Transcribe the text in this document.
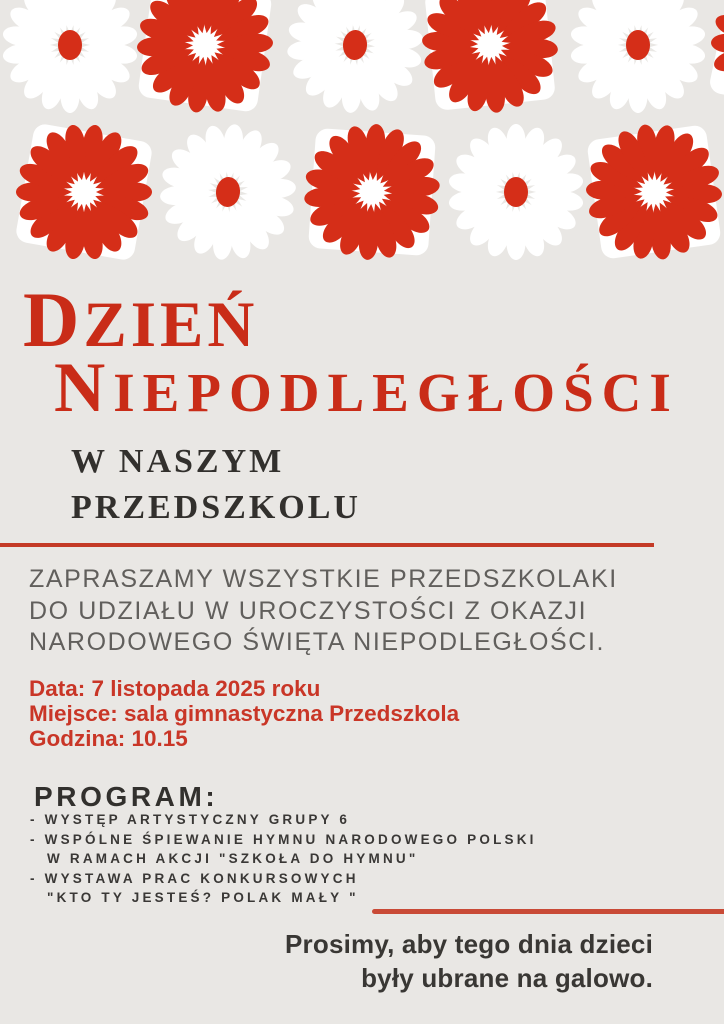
DZIEŃ
NIEPODLEGŁOŚCI
W NASZYM
PRZEDSZKOLU
ZAPRASZAMY WSZYSTKIE PRZEDSZKOLAKI
DO UDZIAŁU W UROCZYSTOŚCI Z OKAZJI
NARODOWEGO ŚWIĘTA NIEPODLEGŁOŚCI.
Data: 7 listopada 2025 roku
Miejsce: sala gimnastyczna Przedszkola
Godzina: 10.15
PROGRAM:
- WYSTĘP ARTYSTYCZNY GRUPY 6
- WSPÓLNE ŚPIEWANIE HYMNU NARODOWEGO POLSKI
W RAMACH AKCJI "SZKOŁA DO HYMNU"
- WYSTAWA PRAC KONKURSOWYCH
"KTO TY JESTEŚ? POLAK MAŁY "
Prosimy, aby tego dnia dzieci
były ubrane na galowo.
